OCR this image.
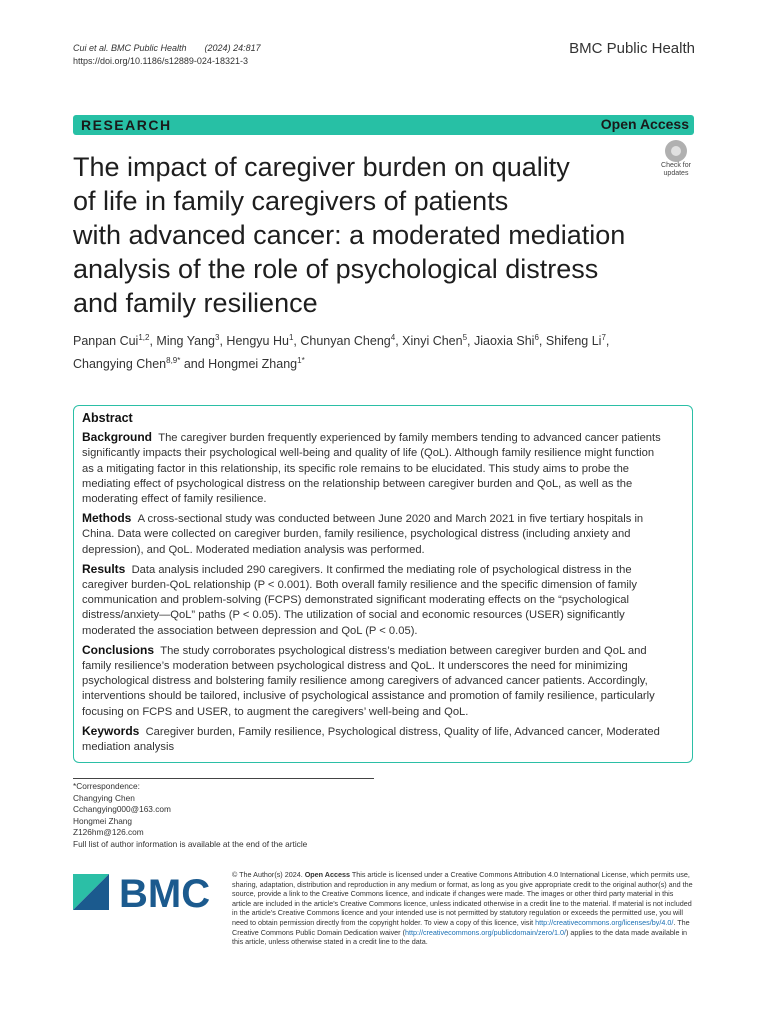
Cui et al. BMC Public Health (2024) 24:817
https://doi.org/10.1186/s12889-024-18321-3
BMC Public Health
RESEARCH	Open Access
The impact of caregiver burden on quality
of life in family caregivers of patients
with advanced cancer: a moderated mediation
analysis of the role of psychological distress
and family resilience
Check for
updates
Panpan Cui$^{1,2}$, Ming Yang$^3$, Hengyu Hu$^1$, Chunyan Cheng$^4$, Xinyi Chen$^5$, Jiaoxia Shi$^6$, Shifeng Li$^7$,
Changying Chen$^{8,9*}$ and Hongmei Zhang$^{1*}$
Abstract

Background The caregiver burden frequently experienced by family members tending to advanced cancer patients significantly impacts their psychological well-being and quality of life (QoL). Although family resilience might function as a mitigating factor in this relationship, its specific role remains to be elucidated. This study aims to probe the mediating effect of psychological distress on the relationship between caregiver burden and QoL, as well as the moderating effect of family resilience.

Methods A cross-sectional study was conducted between June 2020 and March 2021 in five tertiary hospitals in China. Data were collected on caregiver burden, family resilience, psychological distress (including anxiety and depression), and QoL. Moderated mediation analysis was performed.

Results Data analysis included 290 caregivers. It confirmed the mediating role of psychological distress in the caregiver burden-QoL relationship (P < 0.001). Both overall family resilience and the specific dimension of family communication and problem-solving (FCPS) demonstrated significant moderating effects on the “psychological distress/anxiety—QoL” paths (P < 0.05). The utilization of social and economic resources (USER) significantly moderated the association between depression and QoL (P < 0.05).

Conclusions The study corroborates psychological distress’s mediation between caregiver burden and QoL and family resilience’s moderation between psychological distress and QoL. It underscores the need for minimizing psychological distress and bolstering family resilience among caregivers of advanced cancer patients. Accordingly, interventions should be tailored, inclusive of psychological assistance and promotion of family resilience, particularly focusing on FCPS and USER, to augment the caregivers’ well-being and QoL.

Keywords Caregiver burden, Family resilience, Psychological distress, Quality of life, Advanced cancer, Moderated mediation analysis

*Correspondence:
Changying Chen
Cchangying000@163.com
Hongmei Zhang
Z126hm@126.com
Full list of author information is available at the end of the article
BMC	© The Author(s) 2024. Open Access This article is licensed under a Creative Commons Attribution 4.0 International License, which permits use, sharing, adaptation, distribution and reproduction in any medium or format, as long as you give appropriate credit to the original author(s) and the source, provide a link to the Creative Commons licence, and indicate if changes were made. The images or other third party material in this article are included in the article’s Creative Commons licence, unless indicated otherwise in a credit line to the material. If material is not included in the article’s Creative Commons licence and your intended use is not permitted by statutory regulation or exceeds the permitted use, you will need to obtain permission directly from the copyright holder. To view a copy of this licence, visit http://creativecommons.org/licenses/by/4.0/. The Creative Commons Public Domain Dedication waiver (http://creativecommons.org/publicdomain/zero/1.0/) applies to the data made available in this article, unless otherwise stated in a credit line to the data.
